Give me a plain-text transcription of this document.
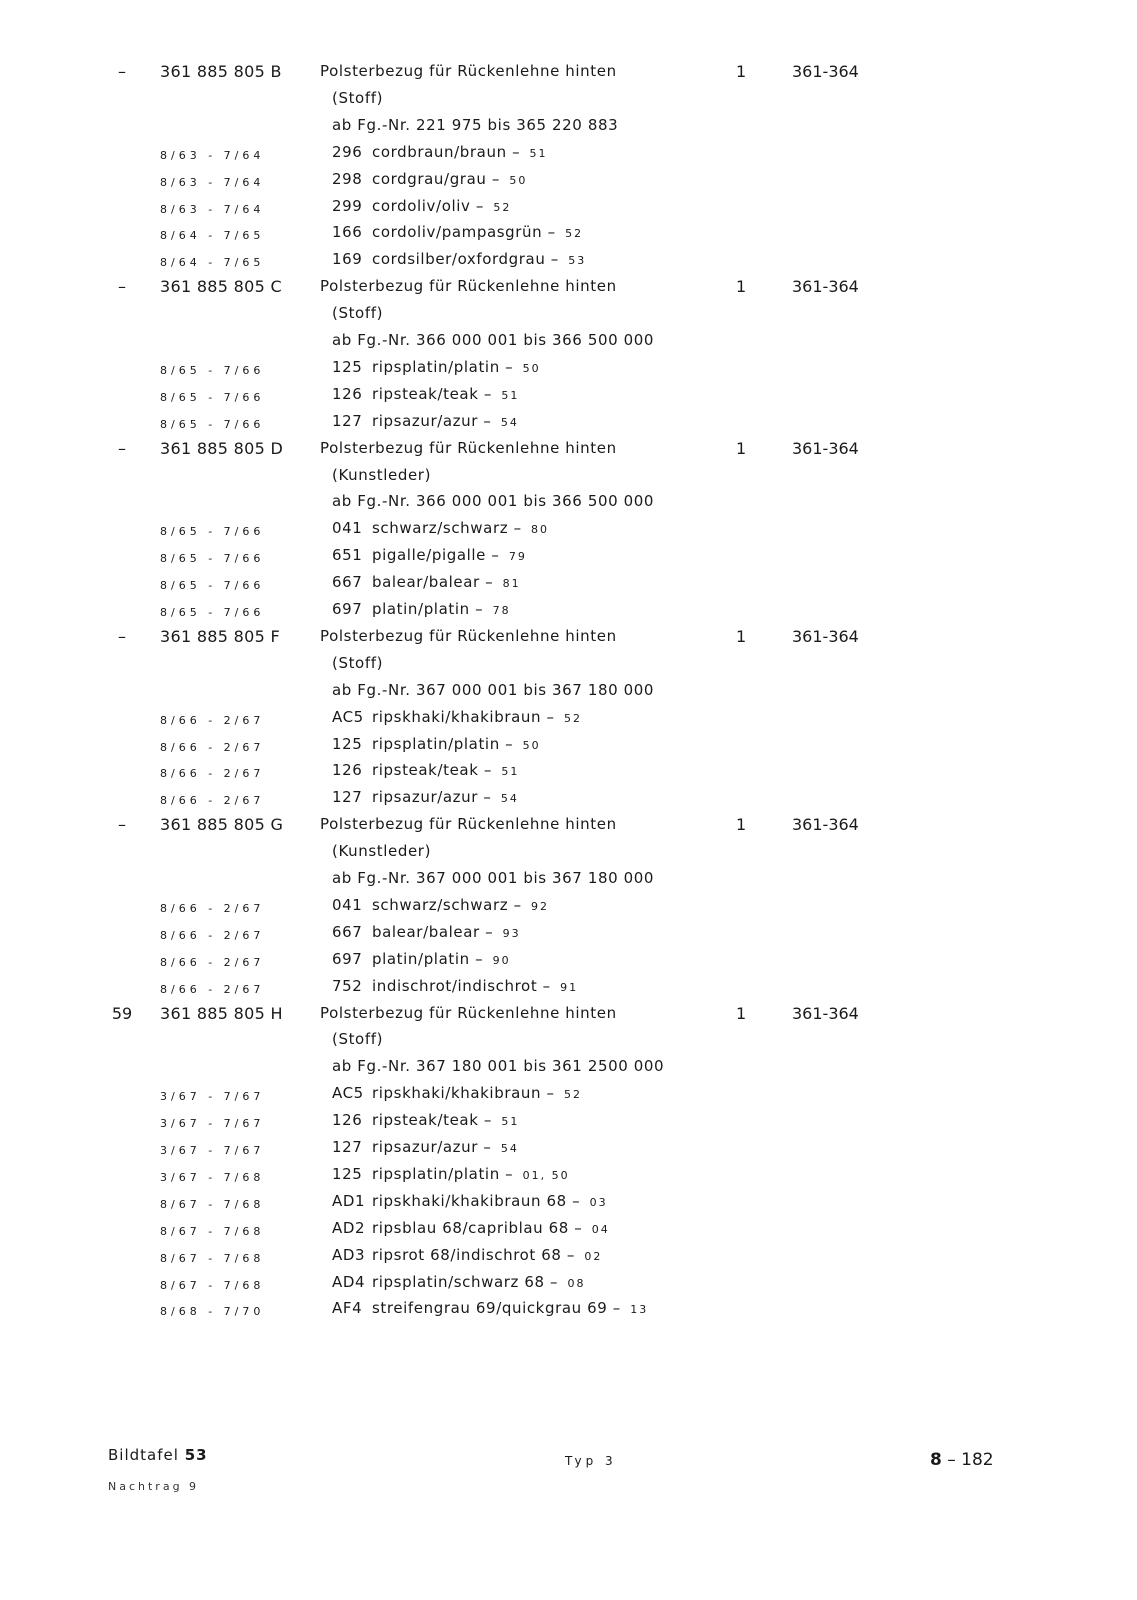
–	361 885 805 B	Polsterbezug für Rückenlehne hinten	1	361-364
(Stoff)
ab Fg.-Nr. 221 975 bis 365 220 883
8/63 - 7/64	296 cordbraun/braun – 51
8/63 - 7/64	298 cordgrau/grau – 50
8/63 - 7/64	299 cordoliv/oliv – 52
8/64 - 7/65	166 cordoliv/pampasgrün – 52
8/64 - 7/65	169 cordsilber/oxfordgrau – 53
–	361 885 805 C	Polsterbezug für Rückenlehne hinten	1	361-364
(Stoff)
ab Fg.-Nr. 366 000 001 bis 366 500 000
8/65 - 7/66	125 ripsplatin/platin – 50
8/65 - 7/66	126 ripsteak/teak – 51
8/65 - 7/66	127 ripsazur/azur – 54
–	361 885 805 D Polsterbezug für Rückenlehne hinten	1	361-364
(Kunstleder)
ab Fg.-Nr. 366 000 001 bis 366 500 000
8/65 - 7/66	041 schwarz/schwarz – 80
8/65 - 7/66	651 pigalle/pigalle – 79
8/65 - 7/66	667 balear/balear – 81
8/65 - 7/66	697 platin/platin – 78
–	361 885 805 F	Polsterbezug für Rückenlehne hinten	1	361-364
(Stoff)
ab Fg.-Nr. 367 000 001 bis 367 180 000
8/66 - 2/67	AC5 ripskhaki/khakibraun – 52
8/66 - 2/67	125 ripsplatin/platin – 50
8/66 - 2/67	126 ripsteak/teak – 51
8/66 - 2/67	127 ripsazur/azur – 54
–	361 885 805 G Polsterbezug für Rückenlehne hinten	1	361-364
(Kunstleder)
ab Fg.-Nr. 367 000 001 bis 367 180 000
8/66 - 2/67	041 schwarz/schwarz – 92
8/66 - 2/67	667 balear/balear – 93
8/66 - 2/67	697 platin/platin – 90
8/66 - 2/67	752 indischrot/indischrot – 91
59	361 885 805 H Polsterbezug für Rückenlehne hinten	1	361-364
(Stoff)
ab Fg.-Nr. 367 180 001 bis 361 2500 000
3/67 - 7/67	AC5 ripskhaki/khakibraun – 52
3/67 - 7/67	126 ripsteak/teak – 51
3/67 - 7/67	127 ripsazur/azur – 54
3/67 - 7/68	125 ripsplatin/platin – 01, 50
8/67 - 7/68	AD1 ripskhaki/khakibraun 68 – 03
8/67 - 7/68	AD2 ripsblau 68/capriblau 68 – 04
8/67 - 7/68	AD3 ripsrot 68/indischrot 68 – 02
8/67 - 7/68	AD4 ripsplatin/schwarz 68 – 08
8/68 - 7/70	AF4 streifengrau 69/quickgrau 69 – 13
Bildtafel 53
Nachtrag 9
Typ 3	8 – 182
